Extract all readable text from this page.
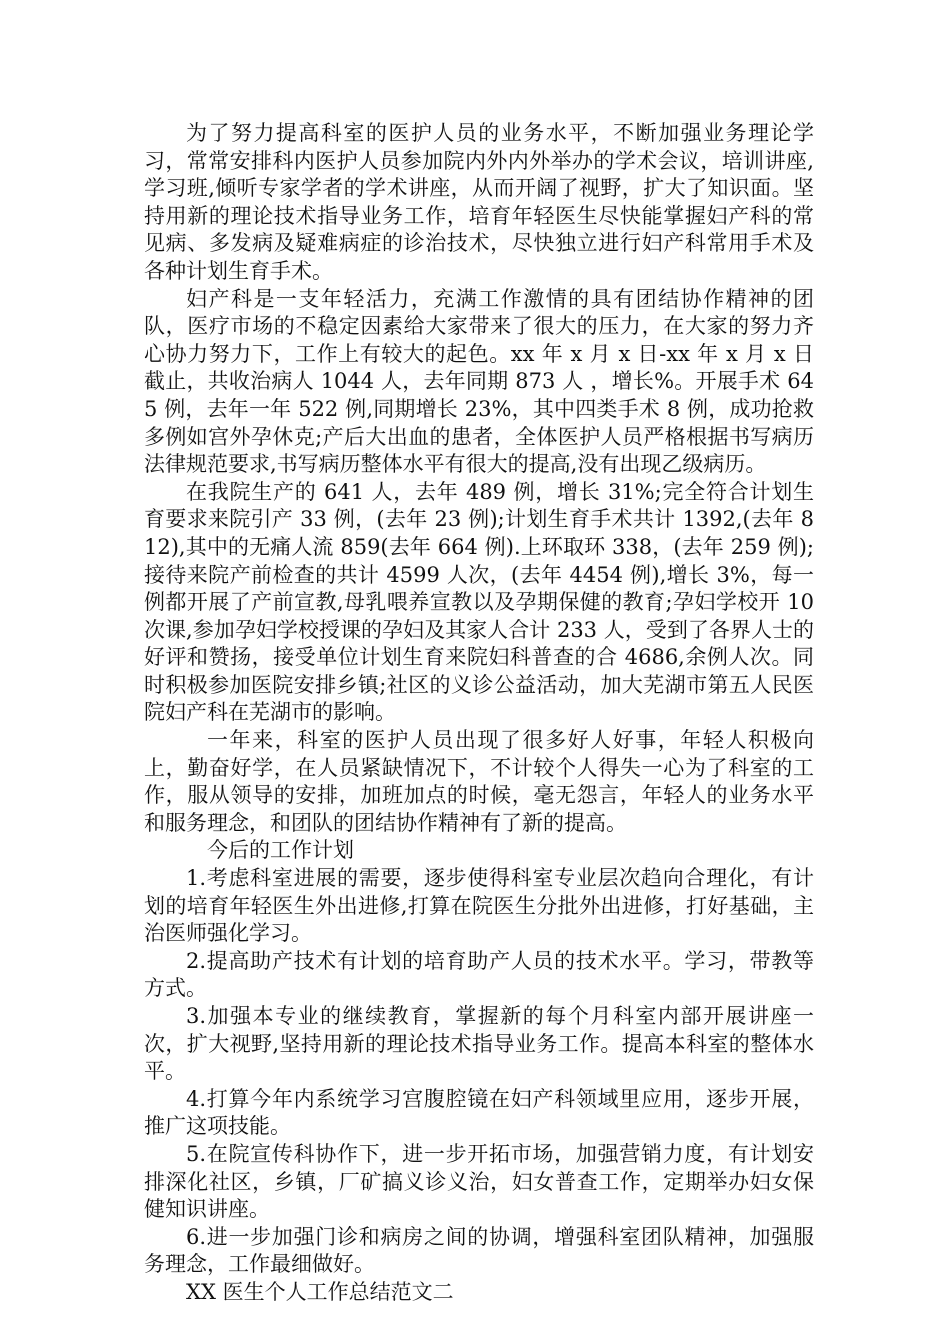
为了努力提高科室的医护人员的业务水平，不断加强业务理论学习，常常安排科内医护人员参加院内外内外举办的学术会议，培训讲座,学习班,倾听专家学者的学术讲座，从而开阔了视野，扩大了知识面。坚持用新的理论技术指导业务工作，培育年轻医生尽快能掌握妇产科的常见病、多发病及疑难病症的诊治技术，尽快独立进行妇产科常用手术及各种计划生育手术。

妇产科是一支年轻活力，充满工作激情的具有团结协作精神的团队，医疗市场的不稳定因素给大家带来了很大的压力，在大家的努力齐心协力努力下，工作上有较大的起色。xx 年 x 月 x 日-xx 年 x 月 x 日截止，共收治病人 1044 人，去年同期 873 人 ，增长%。开展手术 645 例，去年一年 522 例,同期增长 23%，其中四类手术 8 例，成功抢救多例如宫外孕休克;产后大出血的患者，全体医护人员严格根据书写病历法律规范要求,书写病历整体水平有很大的提高,没有出现乙级病历。

在我院生产的 641 人，去年 489 例，增长 31%;完全符合计划生育要求来院引产 33 例，(去年 23 例);计划生育手术共计 1392,(去年 812),其中的无痛人流 859(去年 664 例).上环取环 338，(去年 259 例);接待来院产前检查的共计 4599 人次，(去年 4454 例),增长 3%，每一例都开展了产前宣教,母乳喂养宣教以及孕期保健的教育;孕妇学校开 10 次课,参加孕妇学校授课的孕妇及其家人合计 233 人，受到了各界人士的好评和赞扬，接受单位计划生育来院妇科普查的合 4686,余例人次。同时积极参加医院安排乡镇;社区的义诊公益活动，加大芜湖市第五人民医院妇产科在芜湖市的影响。

一年来，科室的医护人员出现了很多好人好事，年轻人积极向上，勤奋好学，在人员紧缺情况下，不计较个人得失一心为了科室的工作，服从领导的安排，加班加点的时候，毫无怨言，年轻人的业务水平和服务理念，和团队的团结协作精神有了新的提高。

今后的工作计划

1.考虑科室进展的需要，逐步使得科室专业层次趋向合理化，有计划的培育年轻医生外出进修,打算在院医生分批外出进修，打好基础，主治医师强化学习。

2.提高助产技术有计划的培育助产人员的技术水平。学习，带教等方式。

3.加强本专业的继续教育，掌握新的每个月科室内部开展讲座一次，扩大视野,坚持用新的理论技术指导业务工作。提高本科室的整体水平。

4.打算今年内系统学习宫腹腔镜在妇产科领域里应用，逐步开展，推广这项技能。

5.在院宣传科协作下，进一步开拓市场，加强营销力度，有计划安排深化社区，乡镇，厂矿搞义诊义治，妇女普查工作，定期举办妇女保健知识讲座。

6.进一步加强门诊和病房之间的协调，增强科室团队精神，加强服务理念，工作最细做好。

XX 医生个人工作总结范文二
